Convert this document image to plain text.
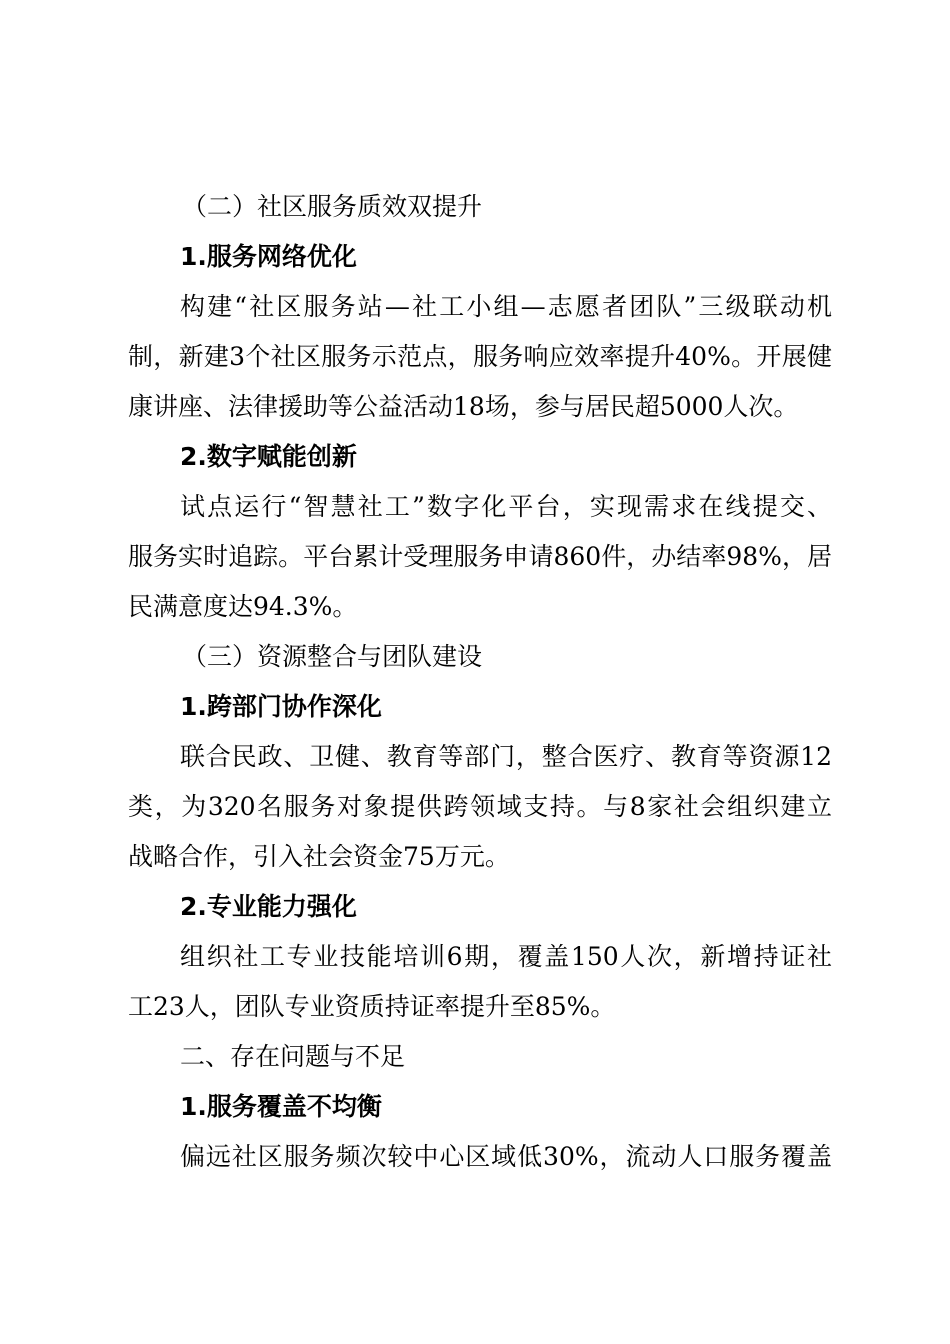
（二）社区服务质效双提升
1.服务网络优化
构建“社区服务站—社工小组—志愿者团队”三级联动机
制，新建3个社区服务示范点，服务响应效率提升40%。开展健
康讲座、法律援助等公益活动18场，参与居民超5000人次。
2.数字赋能创新
试点运行“智慧社工”数字化平台，实现需求在线提交、
服务实时追踪。平台累计受理服务申请860件，办结率98%，居
民满意度达94.3%。
（三）资源整合与团队建设
1.跨部门协作深化
联合民政、卫健、教育等部门，整合医疗、教育等资源12
类，为320名服务对象提供跨领域支持。与8家社会组织建立
战略合作，引入社会资金75万元。
2.专业能力强化
组织社工专业技能培训6期，覆盖150人次，新增持证社
工23人，团队专业资质持证率提升至85%。
二、存在问题与不足
1.服务覆盖不均衡
偏远社区服务频次较中心区域低30%，流动人口服务覆盖
